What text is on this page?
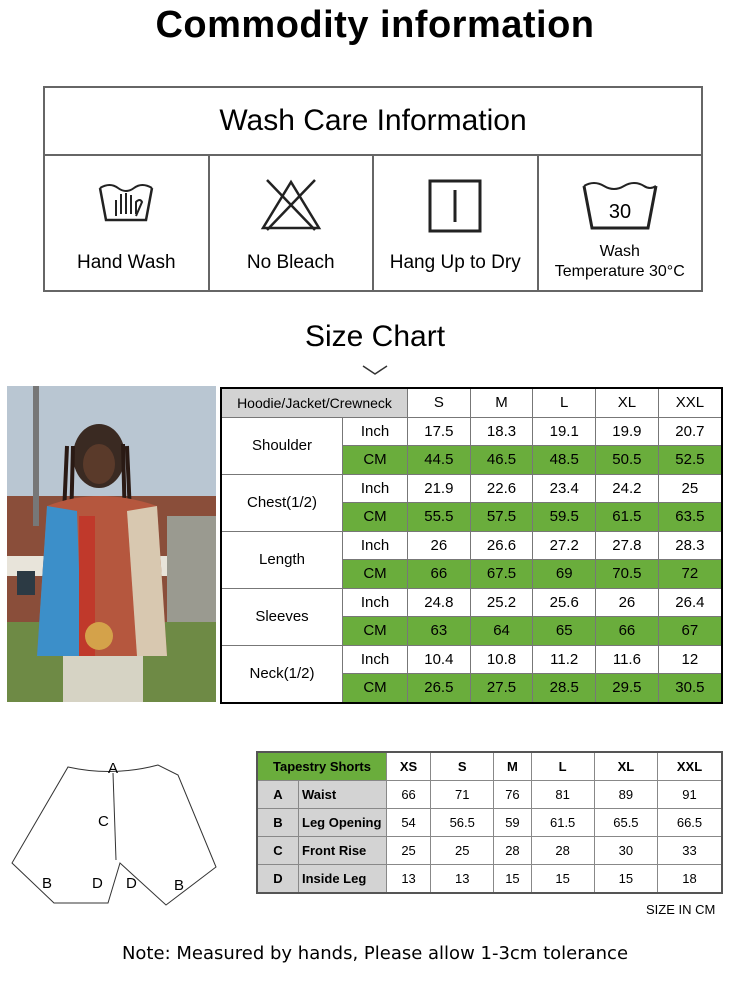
Commodity information
Wash Care Information
Hand Wash	No Bleach	Hang Up to Dry
30
Wash
Temperature 30°C
Size Chart
Hoodie/Jacket/Crewneck		S	M	L	XL	XXL
Shoulder	Inch	17.5	18.3	19.1	19.9	20.7
	CM	44.5	46.5	48.5	50.5	52.5
Chest(1/2)	Inch	21.9	22.6	23.4	24.2	25
	CM	55.5	57.5	59.5	61.5	63.5
Length	Inch	26	26.6	27.2	27.8	28.3
	CM	66	67.5	69	70.5	72
Sleeves	Inch	24.8	25.2	25.6	26	26.4
	CM	63	64	65	66	67
Neck(1/2)	Inch	10.4	10.8	11.2	11.6	12
	CM	26.5	27.5	28.5	29.5	30.5
A
C
B	D D B
Tapestry Shorts		XS	S	M	L	XL	XXL
A	Waist	66	71	76	81	89	91
B	Leg Opening	54	56.5	59	61.5	65.5	66.5
C	Front Rise	25	25	28	28	30	33
D	Inside Leg	13	13	15	15	15	18
SIZE IN CM
Note: Measured by hands, Please allow 1-3cm tolerance
